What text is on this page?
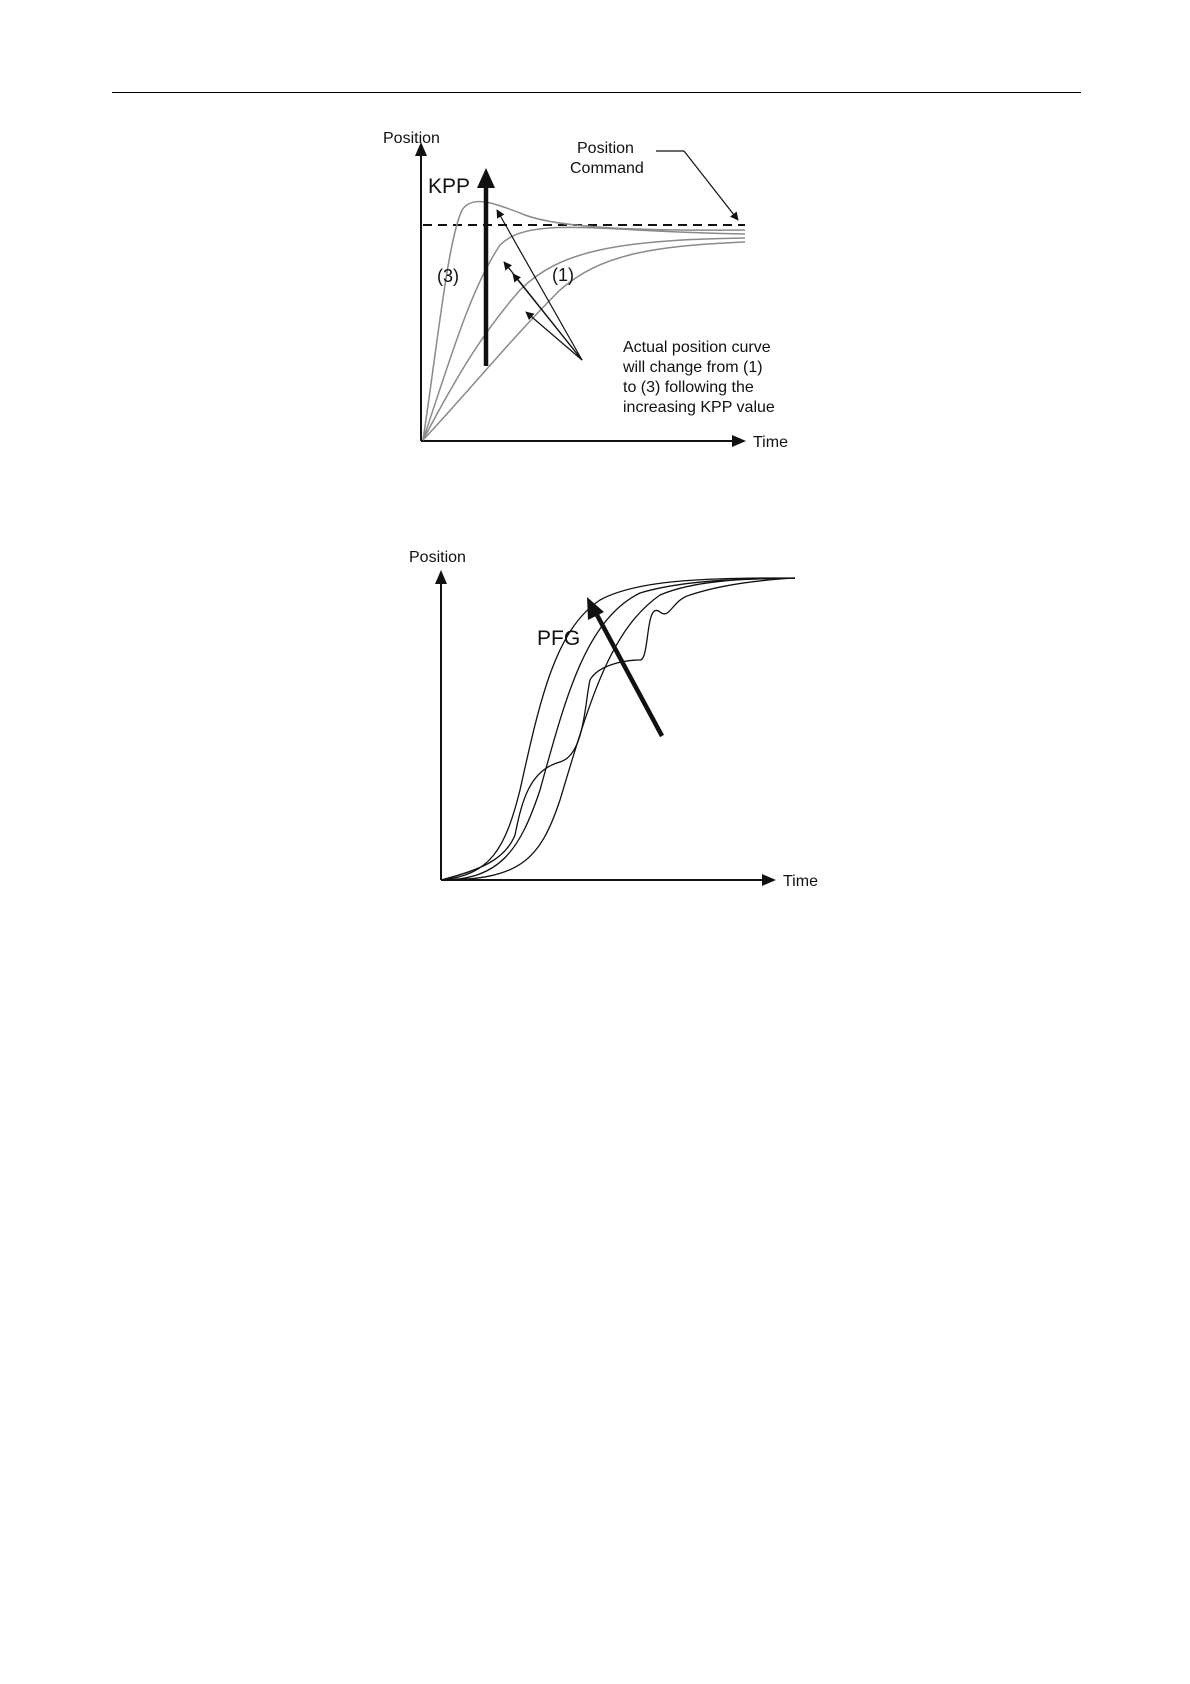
Position
Time
Position
Command
KPP
(3)	(1)
Actual position curve
will change from (1)
to (3) following the
increasing KPP value
Position
Time
PFG
